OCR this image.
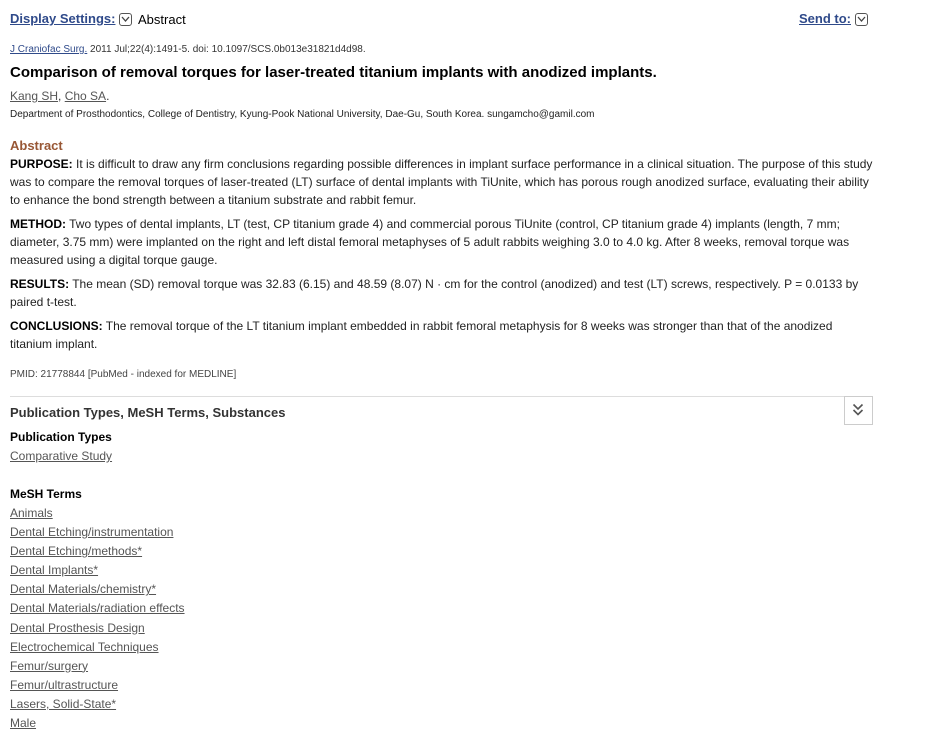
Display Settings: Abstract	Send to:
J Craniofac Surg. 2011 Jul;22(4):1491-5. doi: 10.1097/SCS.0b013e31821d4d98.
Comparison of removal torques for laser-treated titanium implants with anodized implants.
Kang SH, Cho SA.
Department of Prosthodontics, College of Dentistry, Kyung-Pook National University, Dae-Gu, South Korea. sungamcho@gamil.com
Abstract

PURPOSE: It is difficult to draw any firm conclusions regarding possible differences in implant surface performance in a clinical situation. The purpose of this study was to compare the removal torques of laser-treated (LT) surface of dental implants with TiUnite, which has porous rough anodized surface, evaluating their ability to enhance the bond strength between a titanium substrate and rabbit femur.

METHOD: Two types of dental implants, LT (test, CP titanium grade 4) and commercial porous TiUnite (control, CP titanium grade 4) implants (length, 7 mm; diameter, 3.75 mm) were implanted on the right and left distal femoral metaphyses of 5 adult rabbits weighing 3.0 to 4.0 kg. After 8 weeks, removal torque was measured using a digital torque gauge.

RESULTS: The mean (SD) removal torque was 32.83 (6.15) and 48.59 (8.07) N · cm for the control (anodized) and test (LT) screws, respectively. P = 0.0133 by paired t-test.

CONCLUSIONS: The removal torque of the LT titanium implant embedded in rabbit femoral metaphysis for 8 weeks was stronger than that of the anodized titanium implant.

PMID: 21778844 [PubMed - indexed for MEDLINE]
Publication Types, MeSH Terms, Substances
Publication Types
Comparative Study
MeSH Terms
Animals
Dental Etching/instrumentation
Dental Etching/methods*
Dental Implants*
Dental Materials/chemistry*
Dental Materials/radiation effects
Dental Prosthesis Design
Electrochemical Techniques
Femur/surgery
Femur/ultrastructure
Lasers, Solid-State*
Male
